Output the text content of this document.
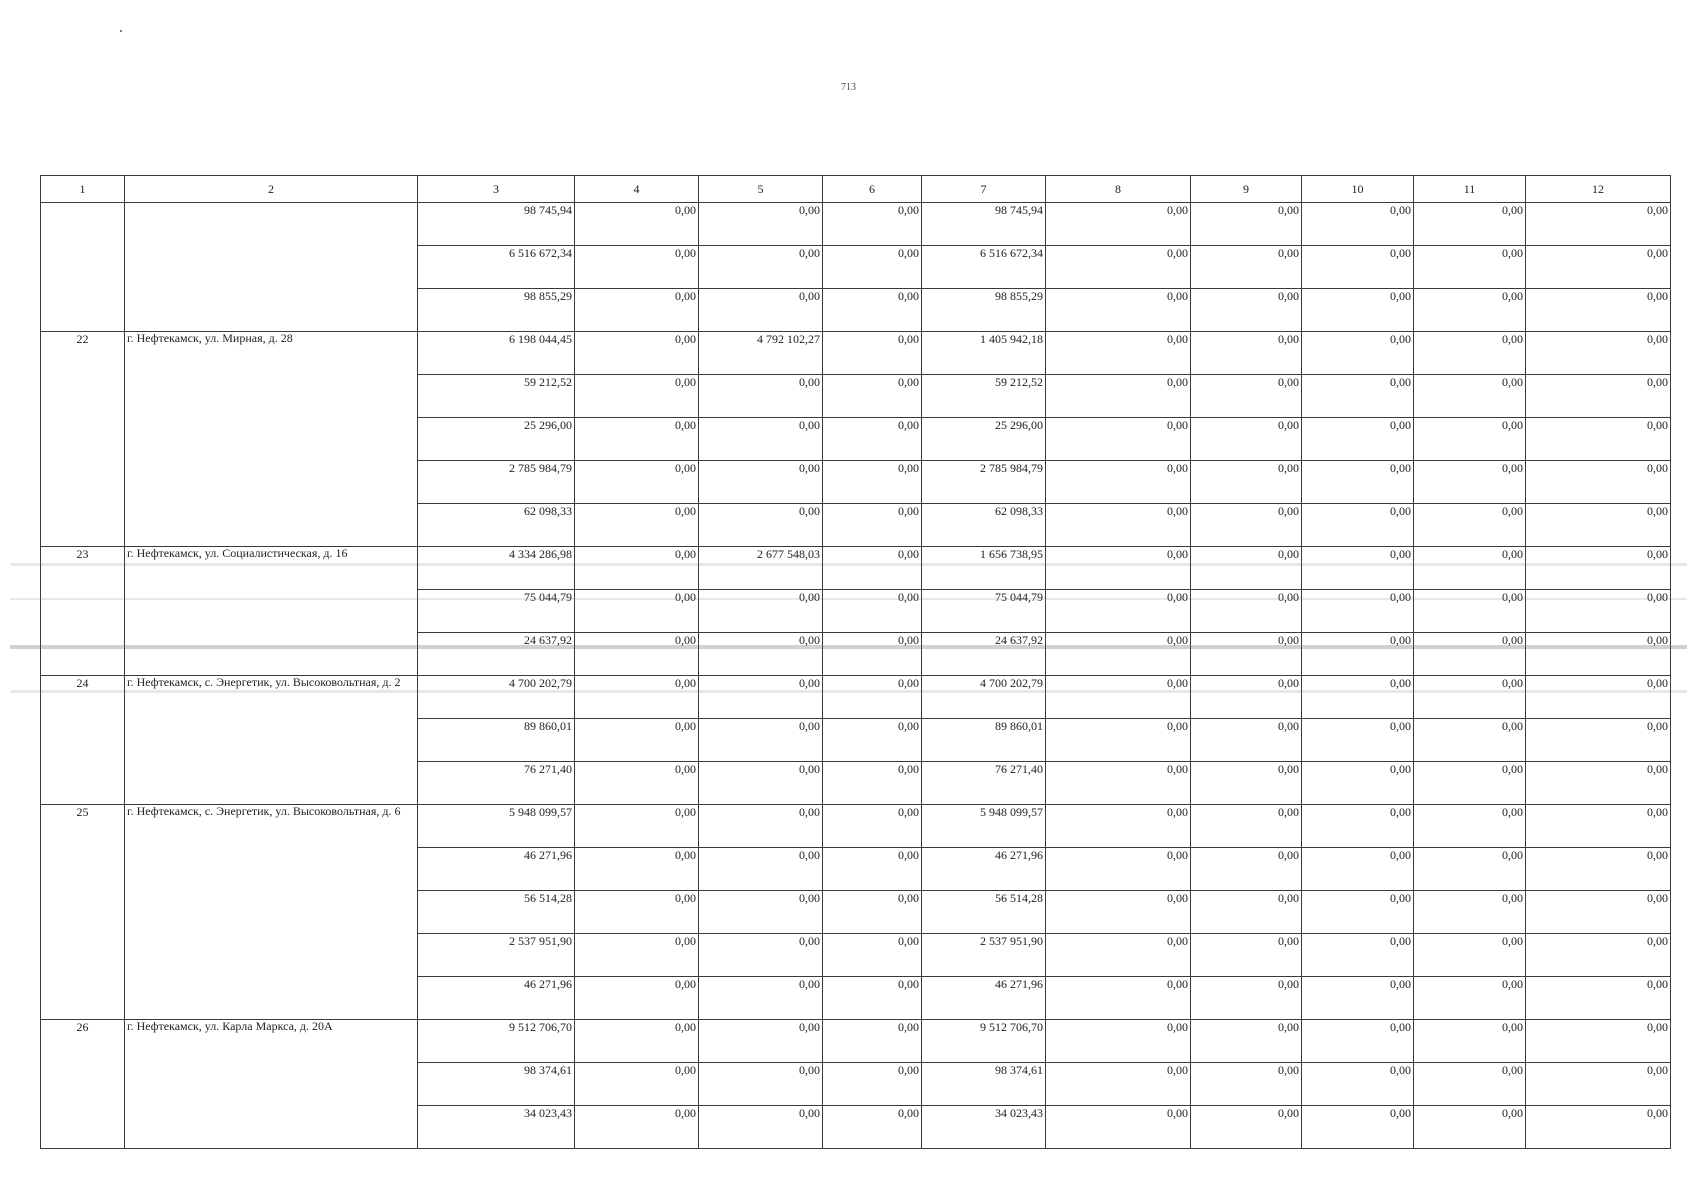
713
1	2	3	4	5	6	7	8	9	10	11	12
		98 745,94	0,00	0,00	0,00	98 745,94	0,00	0,00	0,00	0,00	0,00
		6 516 672,34	0,00	0,00	0,00	6 516 672,34	0,00	0,00	0,00	0,00	0,00
		98 855,29	0,00	0,00	0,00	98 855,29	0,00	0,00	0,00	0,00	0,00
22	г. Нефтекамск, ул. Мирная, д. 28	6 198 044,45	0,00	4 792 102,27	0,00	1 405 942,18	0,00	0,00	0,00	0,00	0,00
		59 212,52	0,00	0,00	0,00	59 212,52	0,00	0,00	0,00	0,00	0,00
		25 296,00	0,00	0,00	0,00	25 296,00	0,00	0,00	0,00	0,00	0,00
		2 785 984,79	0,00	0,00	0,00	2 785 984,79	0,00	0,00	0,00	0,00	0,00
		62 098,33	0,00	0,00	0,00	62 098,33	0,00	0,00	0,00	0,00	0,00
23	г. Нефтекамск, ул. Социалистическая, д. 16	4 334 286,98	0,00	2 677 548,03	0,00	1 656 738,95	0,00	0,00	0,00	0,00	0,00
		75 044,79	0,00	0,00	0,00	75 044,79	0,00	0,00	0,00	0,00	0,00
		24 637,92	0,00	0,00	0,00	24 637,92	0,00	0,00	0,00	0,00	0,00
24	г. Нефтекамск, с. Энергетик, ул. Высоковольтная, д. 2	4 700 202,79	0,00	0,00	0,00	4 700 202,79	0,00	0,00	0,00	0,00	0,00
		89 860,01	0,00	0,00	0,00	89 860,01	0,00	0,00	0,00	0,00	0,00
		76 271,40	0,00	0,00	0,00	76 271,40	0,00	0,00	0,00	0,00	0,00
25	г. Нефтекамск, с. Энергетик, ул. Высоковольтная, д. 6	5 948 099,57	0,00	0,00	0,00	5 948 099,57	0,00	0,00	0,00	0,00	0,00
		46 271,96	0,00	0,00	0,00	46 271,96	0,00	0,00	0,00	0,00	0,00
		56 514,28	0,00	0,00	0,00	56 514,28	0,00	0,00	0,00	0,00	0,00
		2 537 951,90	0,00	0,00	0,00	2 537 951,90	0,00	0,00	0,00	0,00	0,00
		46 271,96	0,00	0,00	0,00	46 271,96	0,00	0,00	0,00	0,00	0,00
26	г. Нефтекамск, ул. Карла Маркса, д. 20А	9 512 706,70	0,00	0,00	0,00	9 512 706,70	0,00	0,00	0,00	0,00	0,00
		98 374,61	0,00	0,00	0,00	98 374,61	0,00	0,00	0,00	0,00	0,00
		34 023,43	0,00	0,00	0,00	34 023,43	0,00	0,00	0,00	0,00	0,00
